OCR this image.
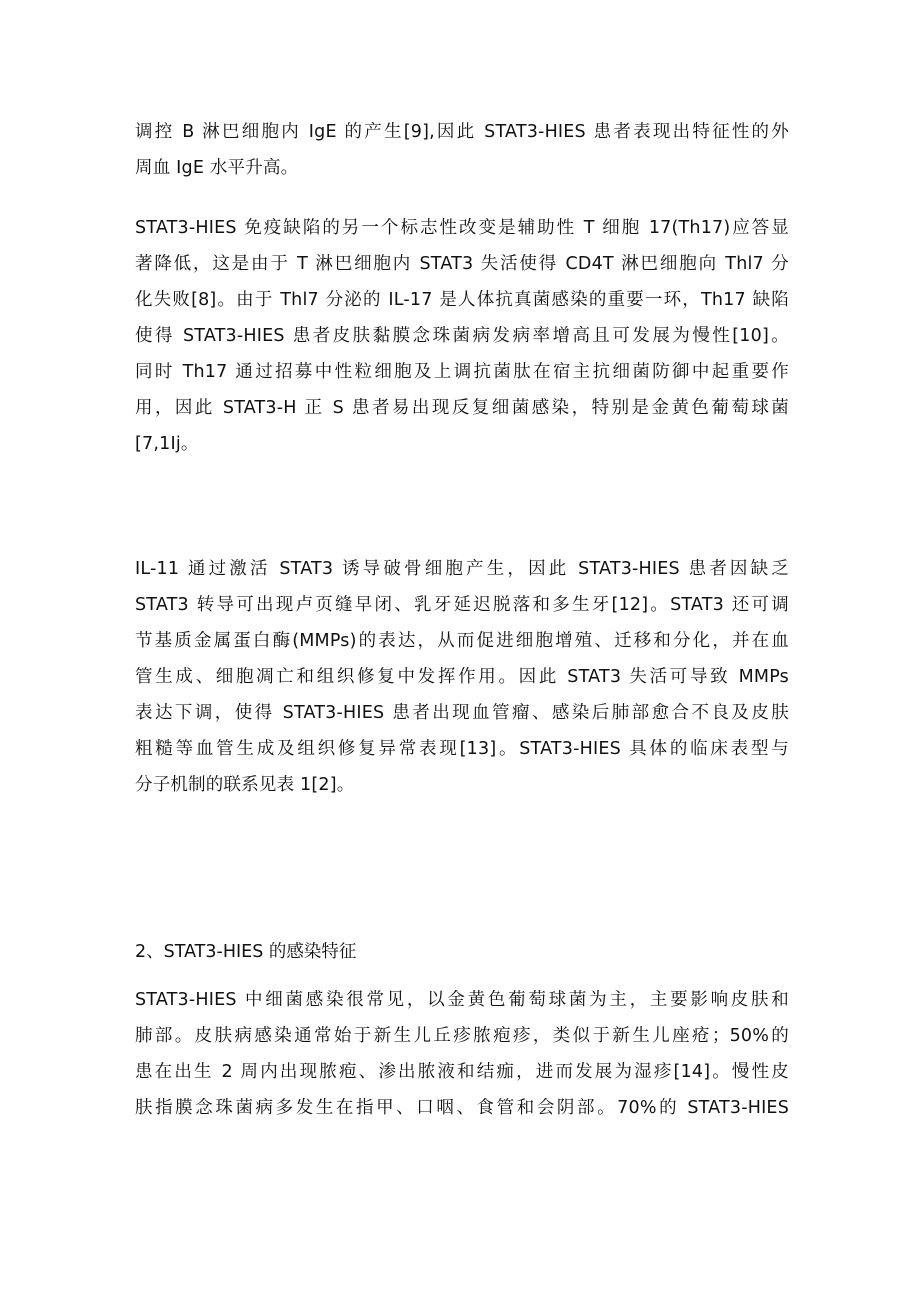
调控 B 淋巴细胞内 IgE 的产生[9],因此 STAT3-HIES 患者表现出特征性的外
周血 IgE 水平升高。
STAT3-HIES 免疫缺陷的另一个标志性改变是辅助性 T 细胞 17(Th17)应答显
著降低，这是由于 T 淋巴细胞内 STAT3 失活使得 CD4T 淋巴细胞向 Thl7 分
化失败[8]。由于 Thl7 分泌的 IL-17 是人体抗真菌感染的重要一环，Th17 缺陷
使得 STAT3-HIES 患者皮肤黏膜念珠菌病发病率增高且可发展为慢性[10]。
同时 Th17 通过招募中性粒细胞及上调抗菌肽在宿主抗细菌防御中起重要作
用，因此 STAT3-H 正 S 患者易出现反复细菌感染，特别是金黄色葡萄球菌
[7,1Ij。
IL-11 通过激活 STAT3 诱导破骨细胞产生，因此 STAT3-HIES 患者因缺乏
STAT3 转导可出现卢页缝早闭、乳牙延迟脱落和多生牙[12]。STAT3 还可调
节基质金属蛋白酶(MMPs)的表达，从而促进细胞增殖、迁移和分化，并在血
管生成、细胞凋亡和组织修复中发挥作用。因此 STAT3 失活可导致 MMPs
表达下调，使得 STAT3-HIES 患者出现血管瘤、感染后肺部愈合不良及皮肤
粗糙等血管生成及组织修复异常表现[13]。STAT3-HIES 具体的临床表型与
分子机制的联系见表 1[2]。
2、STAT3-HIES 的感染特征
STAT3-HIES 中细菌感染很常见，以金黄色葡萄球菌为主，主要影响皮肤和
肺部。皮肤病感染通常始于新生儿丘疹脓疱疹，类似于新生儿座疮；50%的
患在出生 2 周内出现脓疱、渗出脓液和结痂，进而发展为湿疹[14]。慢性皮
肤指膜念珠菌病多发生在指甲、口咽、食管和会阴部。70%的 STAT3-HIES
